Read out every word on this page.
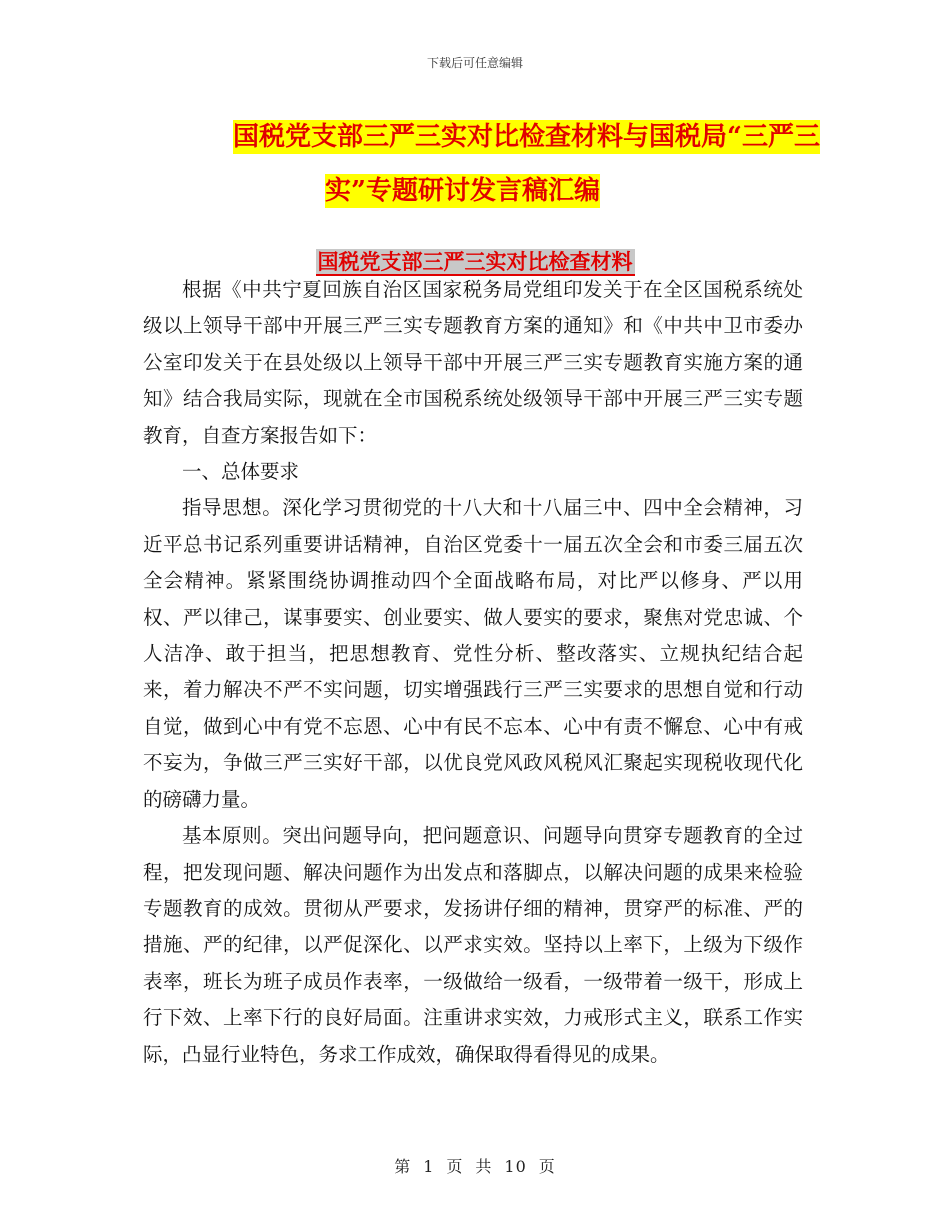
下载后可任意编辑
国税党支部三严三实对比检查材料与国税局“三严三
实”专题研讨发言稿汇编
国税党支部三严三实对比检查材料

根据《中共宁夏回族自治区国家税务局党组印发关于在全区国税系统处级以上领导干部中开展三严三实专题教育方案的通知》和《中共中卫市委办公室印发关于在县处级以上领导干部中开展三严三实专题教育实施方案的通知》结合我局实际，现就在全市国税系统处级领导干部中开展三严三实专题教育，自查方案报告如下：

一、总体要求

指导思想。深化学习贯彻党的十八大和十八届三中、四中全会精神，习近平总书记系列重要讲话精神，自治区党委十一届五次全会和市委三届五次全会精神。紧紧围绕协调推动四个全面战略布局，对比严以修身、严以用权、严以律己，谋事要实、创业要实、做人要实的要求，聚焦对党忠诚、个人洁净、敢于担当，把思想教育、党性分析、整改落实、立规执纪结合起来，着力解决不严不实问题，切实增强践行三严三实要求的思想自觉和行动自觉，做到心中有党不忘恩、心中有民不忘本、心中有责不懈怠、心中有戒不妄为，争做三严三实好干部，以优良党风政风税风汇聚起实现税收现代化的磅礴力量。

基本原则。突出问题导向，把问题意识、问题导向贯穿专题教育的全过程，把发现问题、解决问题作为出发点和落脚点，以解决问题的成果来检验专题教育的成效。贯彻从严要求，发扬讲仔细的精神，贯穿严的标准、严的措施、严的纪律，以严促深化、以严求实效。坚持以上率下，上级为下级作表率，班长为班子成员作表率，一级做给一级看，一级带着一级干，形成上行下效、上率下行的良好局面。注重讲求实效，力戒形式主义，联系工作实际，凸显行业特色，务求工作成效，确保取得看得见的成果。

第 1 页 共 10 页
